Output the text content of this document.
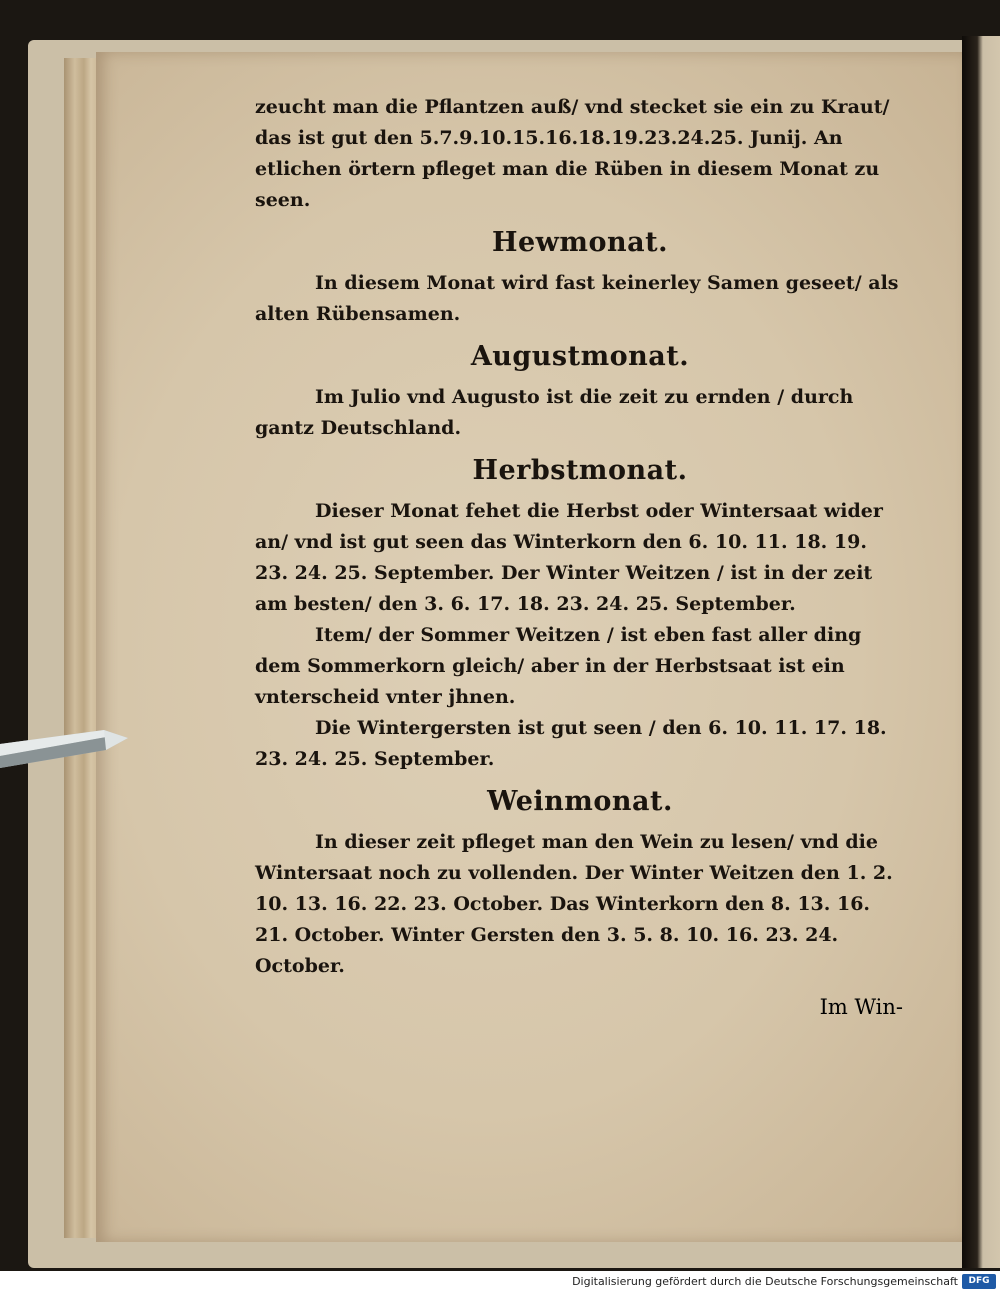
zeucht man die Pflantzen auß/ vnd stecket sie ein zu Kraut/ das ist gut den 5.7.9.10.15.16.18.19.23.24.25. Junij. An etlichen örtern pfleget man die Rüben in diesem Monat zu seen.

Hewmonat.

In diesem Monat wird fast keinerley Samen geseet/ als alten Rübensamen.

Augustmonat.

Im Julio vnd Augusto ist die zeit zu ernden / durch gantz Deutschland.

Herbstmonat.

Dieser Monat fehet die Herbst oder Wintersaat wider an/ vnd ist gut seen das Winterkorn den 6. 10. 11. 18. 19. 23. 24. 25. September. Der Winter Weitzen / ist in der zeit am besten/ den 3. 6. 17. 18. 23. 24. 25. September.

Item/ der Sommer Weitzen / ist eben fast aller ding dem Sommerkorn gleich/ aber in der Herbstsaat ist ein vnterscheid vnter jhnen.

Die Wintergersten ist gut seen / den 6. 10. 11. 17. 18. 23. 24. 25. September.

Weinmonat.

In dieser zeit pfleget man den Wein zu lesen/ vnd die Wintersaat noch zu vollenden. Der Winter Weitzen den 1. 2. 10. 13. 16. 22. 23. October. Das Winterkorn den 8. 13. 16. 21. October. Winter Gersten den 3. 5. 8. 10. 16. 23. 24. October.

Im Win-
Digitalisierung gefördert durch die Deutsche Forschungsgemeinschaft	DFG
